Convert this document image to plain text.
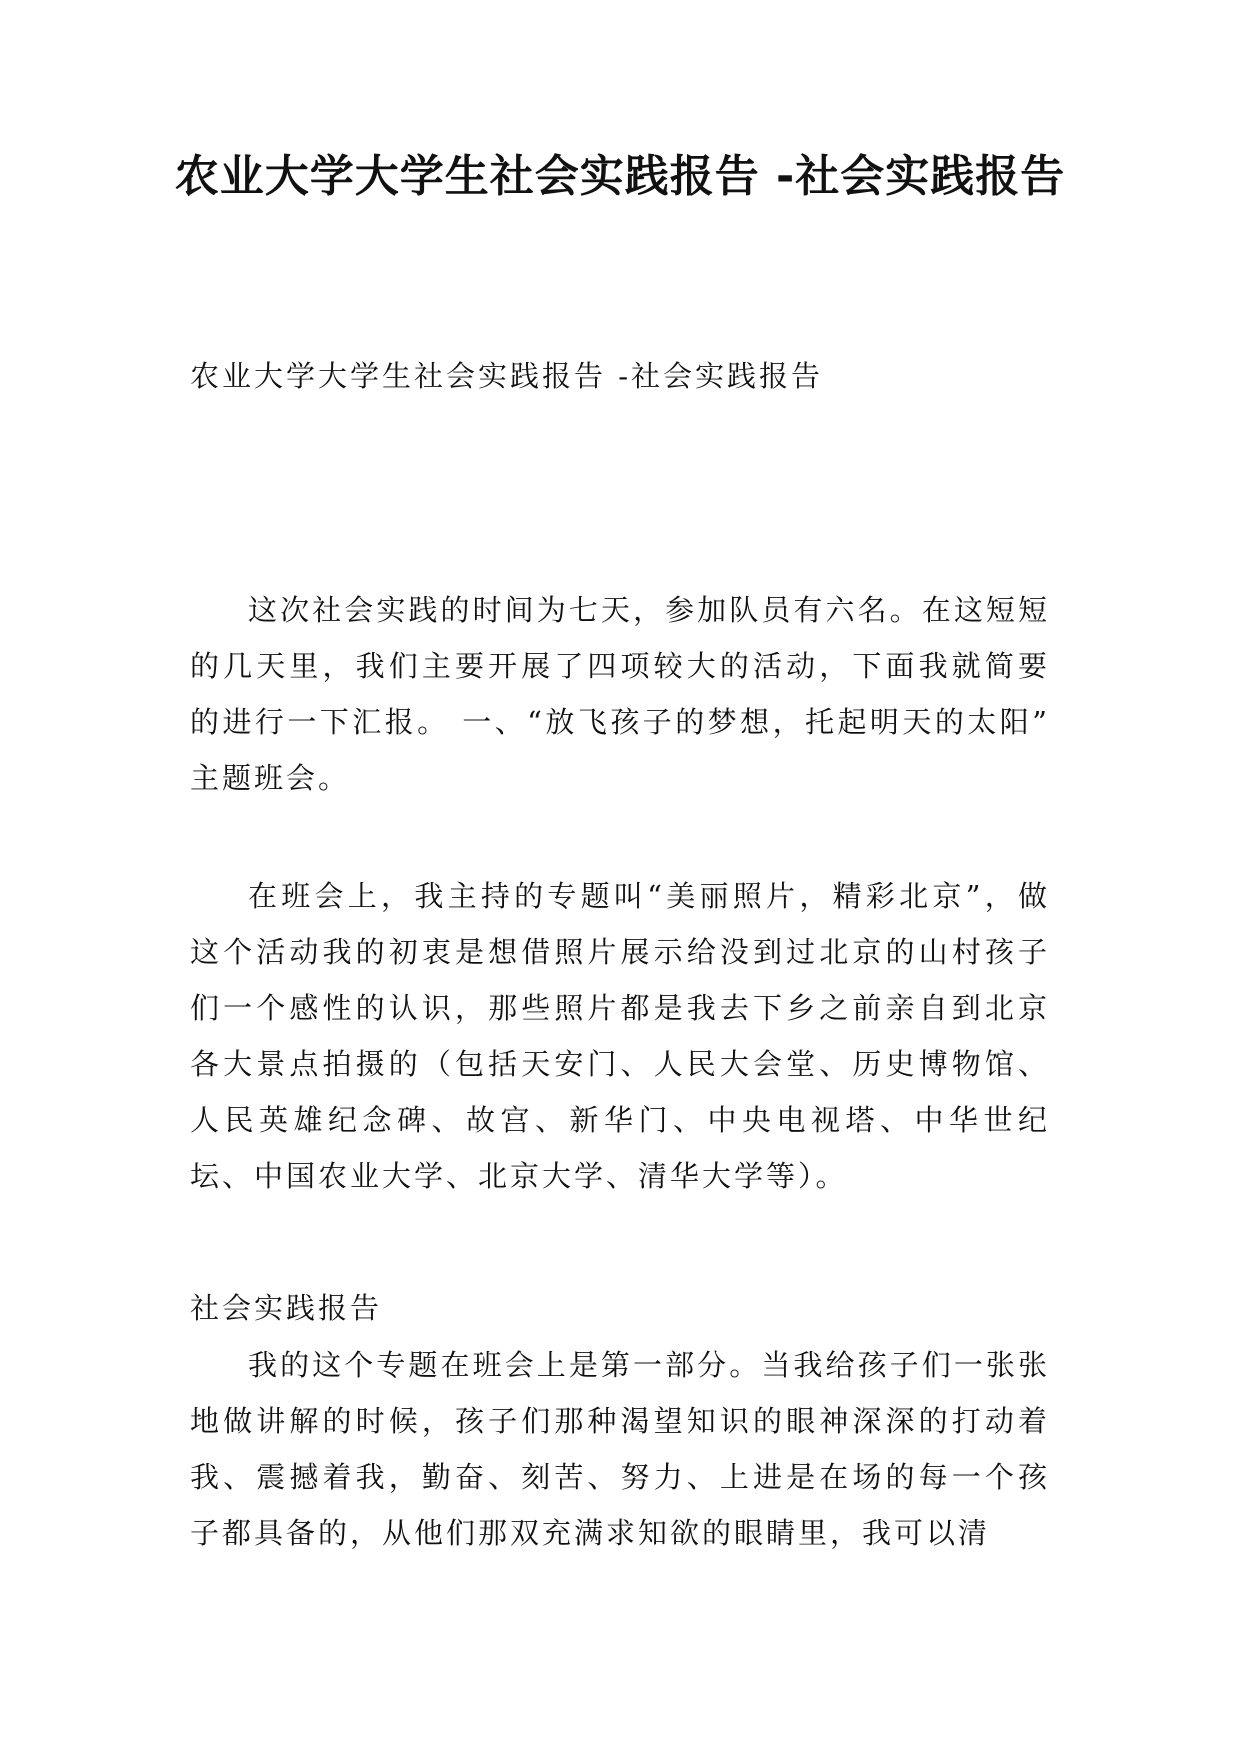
农业大学大学生社会实践报告 -社会实践报告

农业大学大学生社会实践报告 -社会实践报告

这次社会实践的时间为七天，参加队员有六名。在这短短的几天里，我们主要开展了四项较大的活动，下面我就简要的进行一下汇报。 一、“放飞孩子的梦想，托起明天的太阳” 主题班会。

在班会上，我主持的专题叫“美丽照片，精彩北京”，做这个活动我的初衷是想借照片展示给没到过北京的山村孩子们一个感性的认识，那些照片都是我去下乡之前亲自到北京各大景点拍摄的（包括天安门、人民大会堂、历史博物馆、人民英雄纪念碑、故宫、新华门、中央电视塔、中华世纪坛、中国农业大学、北京大学、清华大学等）。

社会实践报告

我的这个专题在班会上是第一部分。当我给孩子们一张张地做讲解的时候，孩子们那种渴望知识的眼神深深的打动着我、震撼着我，勤奋、刻苦、努力、上进是在场的每一个孩子都具备的，从他们那双充满求知欲的眼睛里，我可以清
